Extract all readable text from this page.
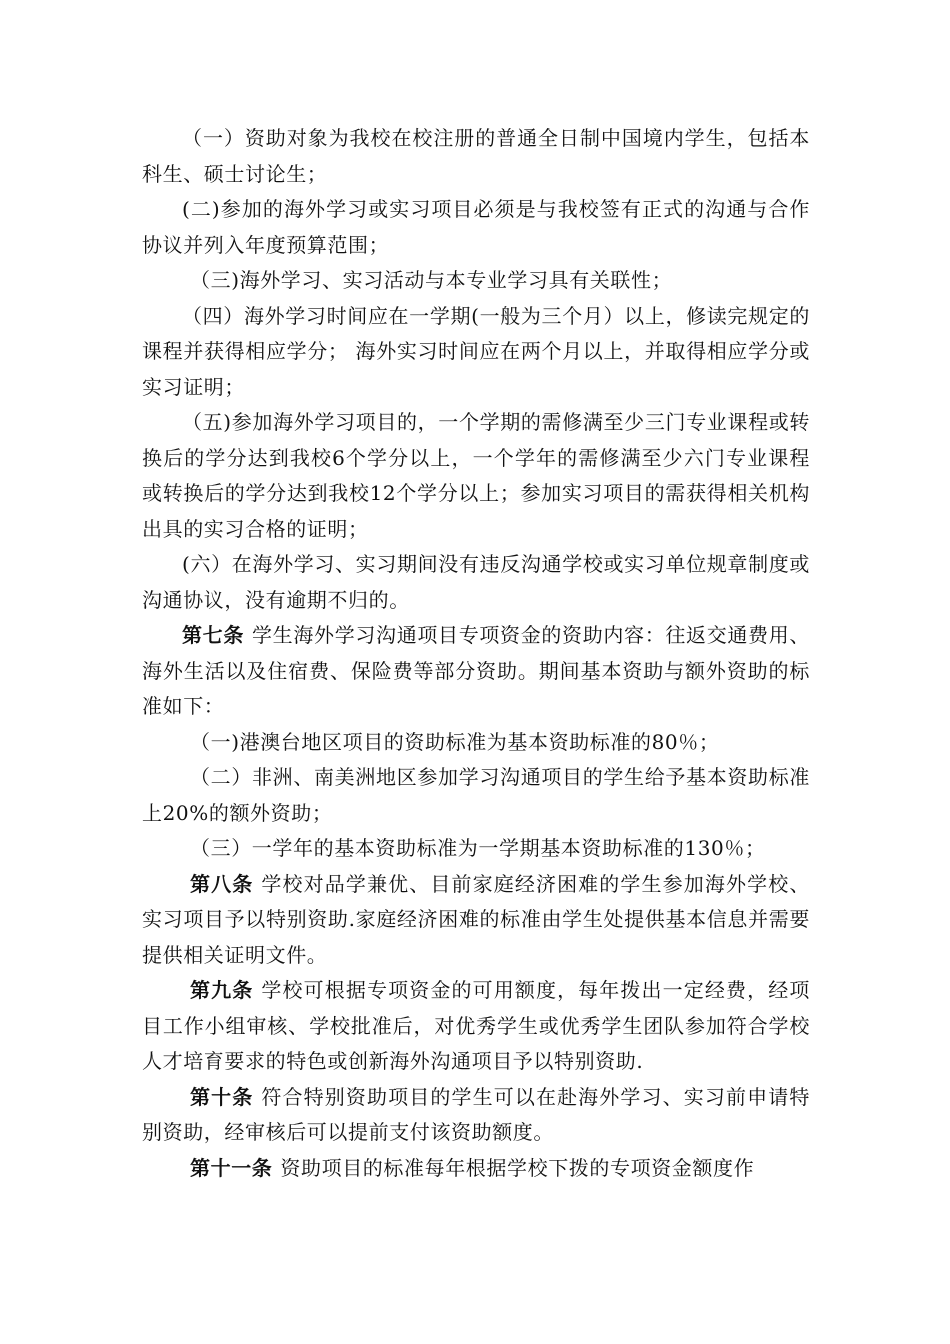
（一）资助对象为我校在校注册的普通全日制中国境内学生，包括本科生、硕士讨论生；

(二)参加的海外学习或实习项目必须是与我校签有正式的沟通与合作协议并列入年度预算范围；

（三)海外学习、实习活动与本专业学习具有关联性；

（四）海外学习时间应在一学期(一般为三个月）以上，修读完规定的课程并获得相应学分； 海外实习时间应在两个月以上，并取得相应学分或实习证明；

（五)参加海外学习项目的，一个学期的需修满至少三门专业课程或转换后的学分达到我校6个学分以上，一个学年的需修满至少六门专业课程或转换后的学分达到我校12个学分以上；参加实习项目的需获得相关机构出具的实习合格的证明；

(六）在海外学习、实习期间没有违反沟通学校或实习单位规章制度或沟通协议，没有逾期不归的。

第七条 学生海外学习沟通项目专项资金的资助内容：往返交通费用、海外生活以及住宿费、保险费等部分资助。期间基本资助与额外资助的标准如下：

（一)港澳台地区项目的资助标准为基本资助标准的80％；

（二）非洲、南美洲地区参加学习沟通项目的学生给予基本资助标准上20%的额外资助；

（三）一学年的基本资助标准为一学期基本资助标准的130％；

第八条 学校对品学兼优、目前家庭经济困难的学生参加海外学校、实习项目予以特别资助.家庭经济困难的标准由学生处提供基本信息并需要提供相关证明文件。

第九条 学校可根据专项资金的可用额度，每年拨出一定经费，经项目工作小组审核、学校批准后，对优秀学生或优秀学生团队参加符合学校人才培育要求的特色或创新海外沟通项目予以特别资助.

第十条 符合特别资助项目的学生可以在赴海外学习、实习前申请特别资助，经审核后可以提前支付该资助额度。

第十一条 资助项目的标准每年根据学校下拨的专项资金额度作
